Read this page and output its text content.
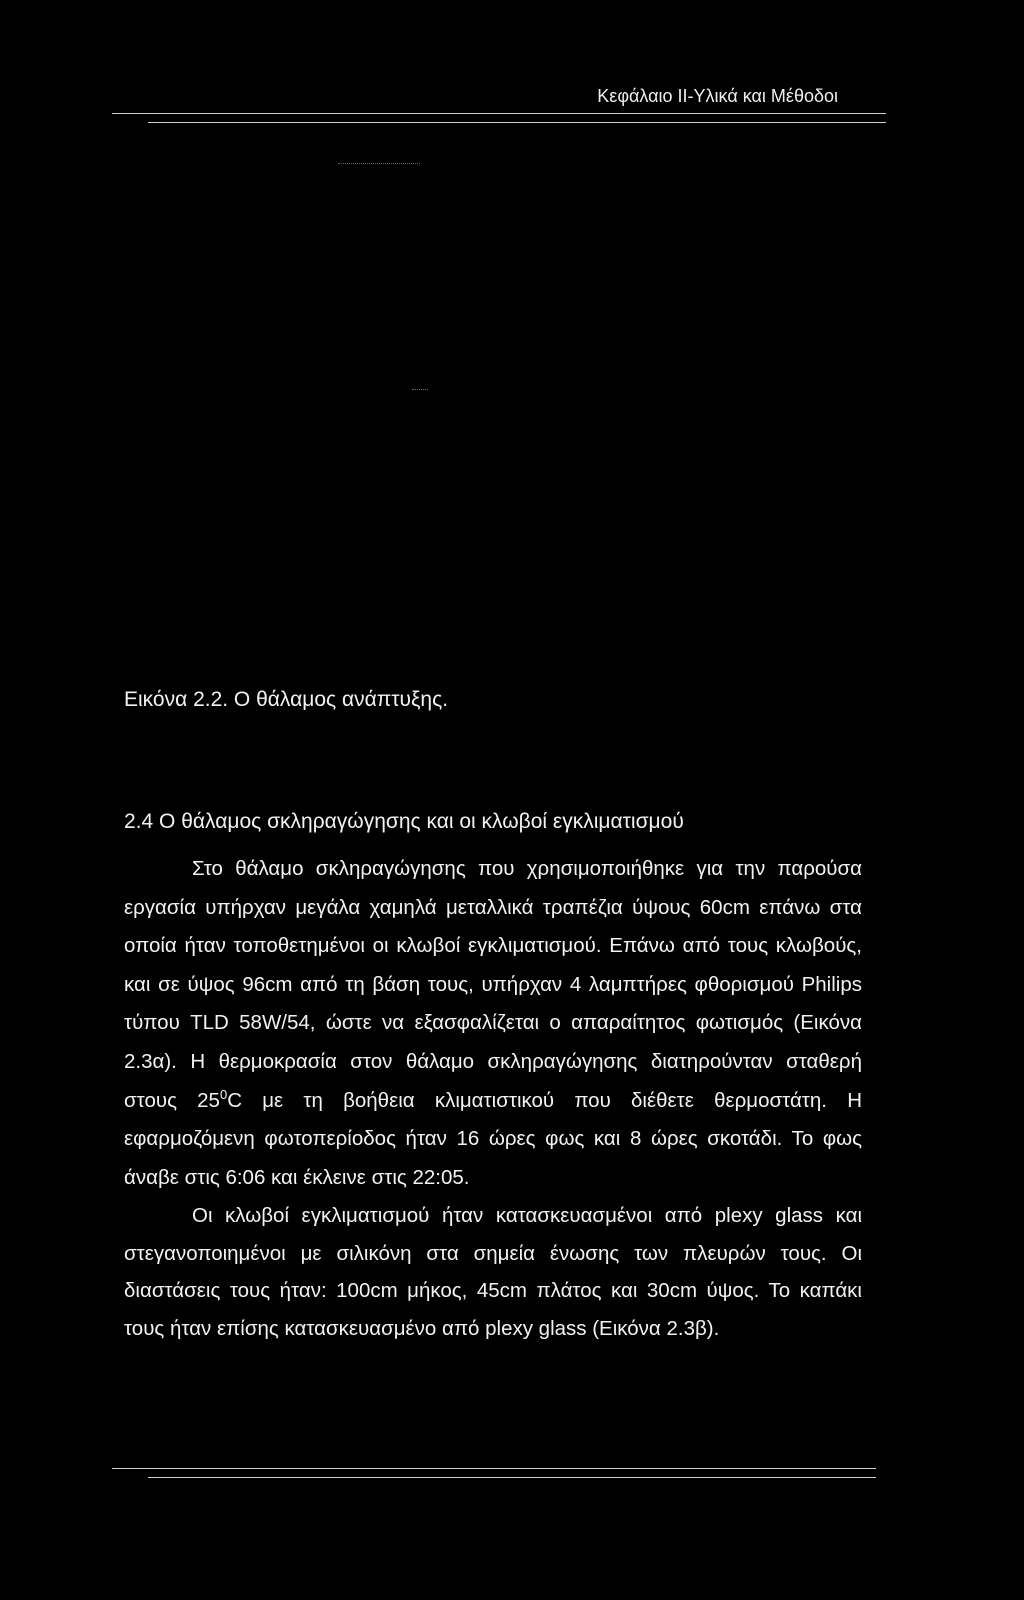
Κεφάλαιο ΙΙ-Υλικά και Μέθοδοι
Εικόνα 2.2. Ο θάλαμος ανάπτυξης.
2.4 Ο θάλαμος σκληραγώγησης και οι κλωβοί εγκλιματισμού

Στο θάλαμο σκληραγώγησης που χρησιμοποιήθηκε για την παρούσα εργασία υπήρχαν μεγάλα χαμηλά μεταλλικά τραπέζια ύψους 60cm επάνω στα οποία ήταν τοποθετημένοι οι κλωβοί εγκλιματισμού. Επάνω από τους κλωβούς, και σε ύψος 96cm από τη βάση τους, υπήρχαν 4 λαμπτήρες φθορισμού Philips τύπου TLD 58W/54, ώστε να εξασφαλίζεται ο απαραίτητος φωτισμός (Εικόνα 2.3α). Η θερμοκρασία στον θάλαμο σκληραγώγησης διατηρούνταν σταθερή στους $25^0C$ με τη βοήθεια κλιματιστικού που διέθετε θερμοστάτη. Η εφαρμοζόμενη φωτοπερίοδος ήταν 16 ώρες φως και 8 ώρες σκοτάδι. Το φως άναβε στις 6:06 και έκλεινε στις 22:05.

Οι κλωβοί εγκλιματισμού ήταν κατασκευασμένοι από plexy glass και στεγανοποιημένοι με σιλικόνη στα σημεία ένωσης των πλευρών τους. Οι διαστάσεις τους ήταν: 100cm μήκος, 45cm πλάτος και 30cm ύψος. Το καπάκι τους ήταν επίσης κατασκευασμένο από plexy glass (Εικόνα 2.3β).
